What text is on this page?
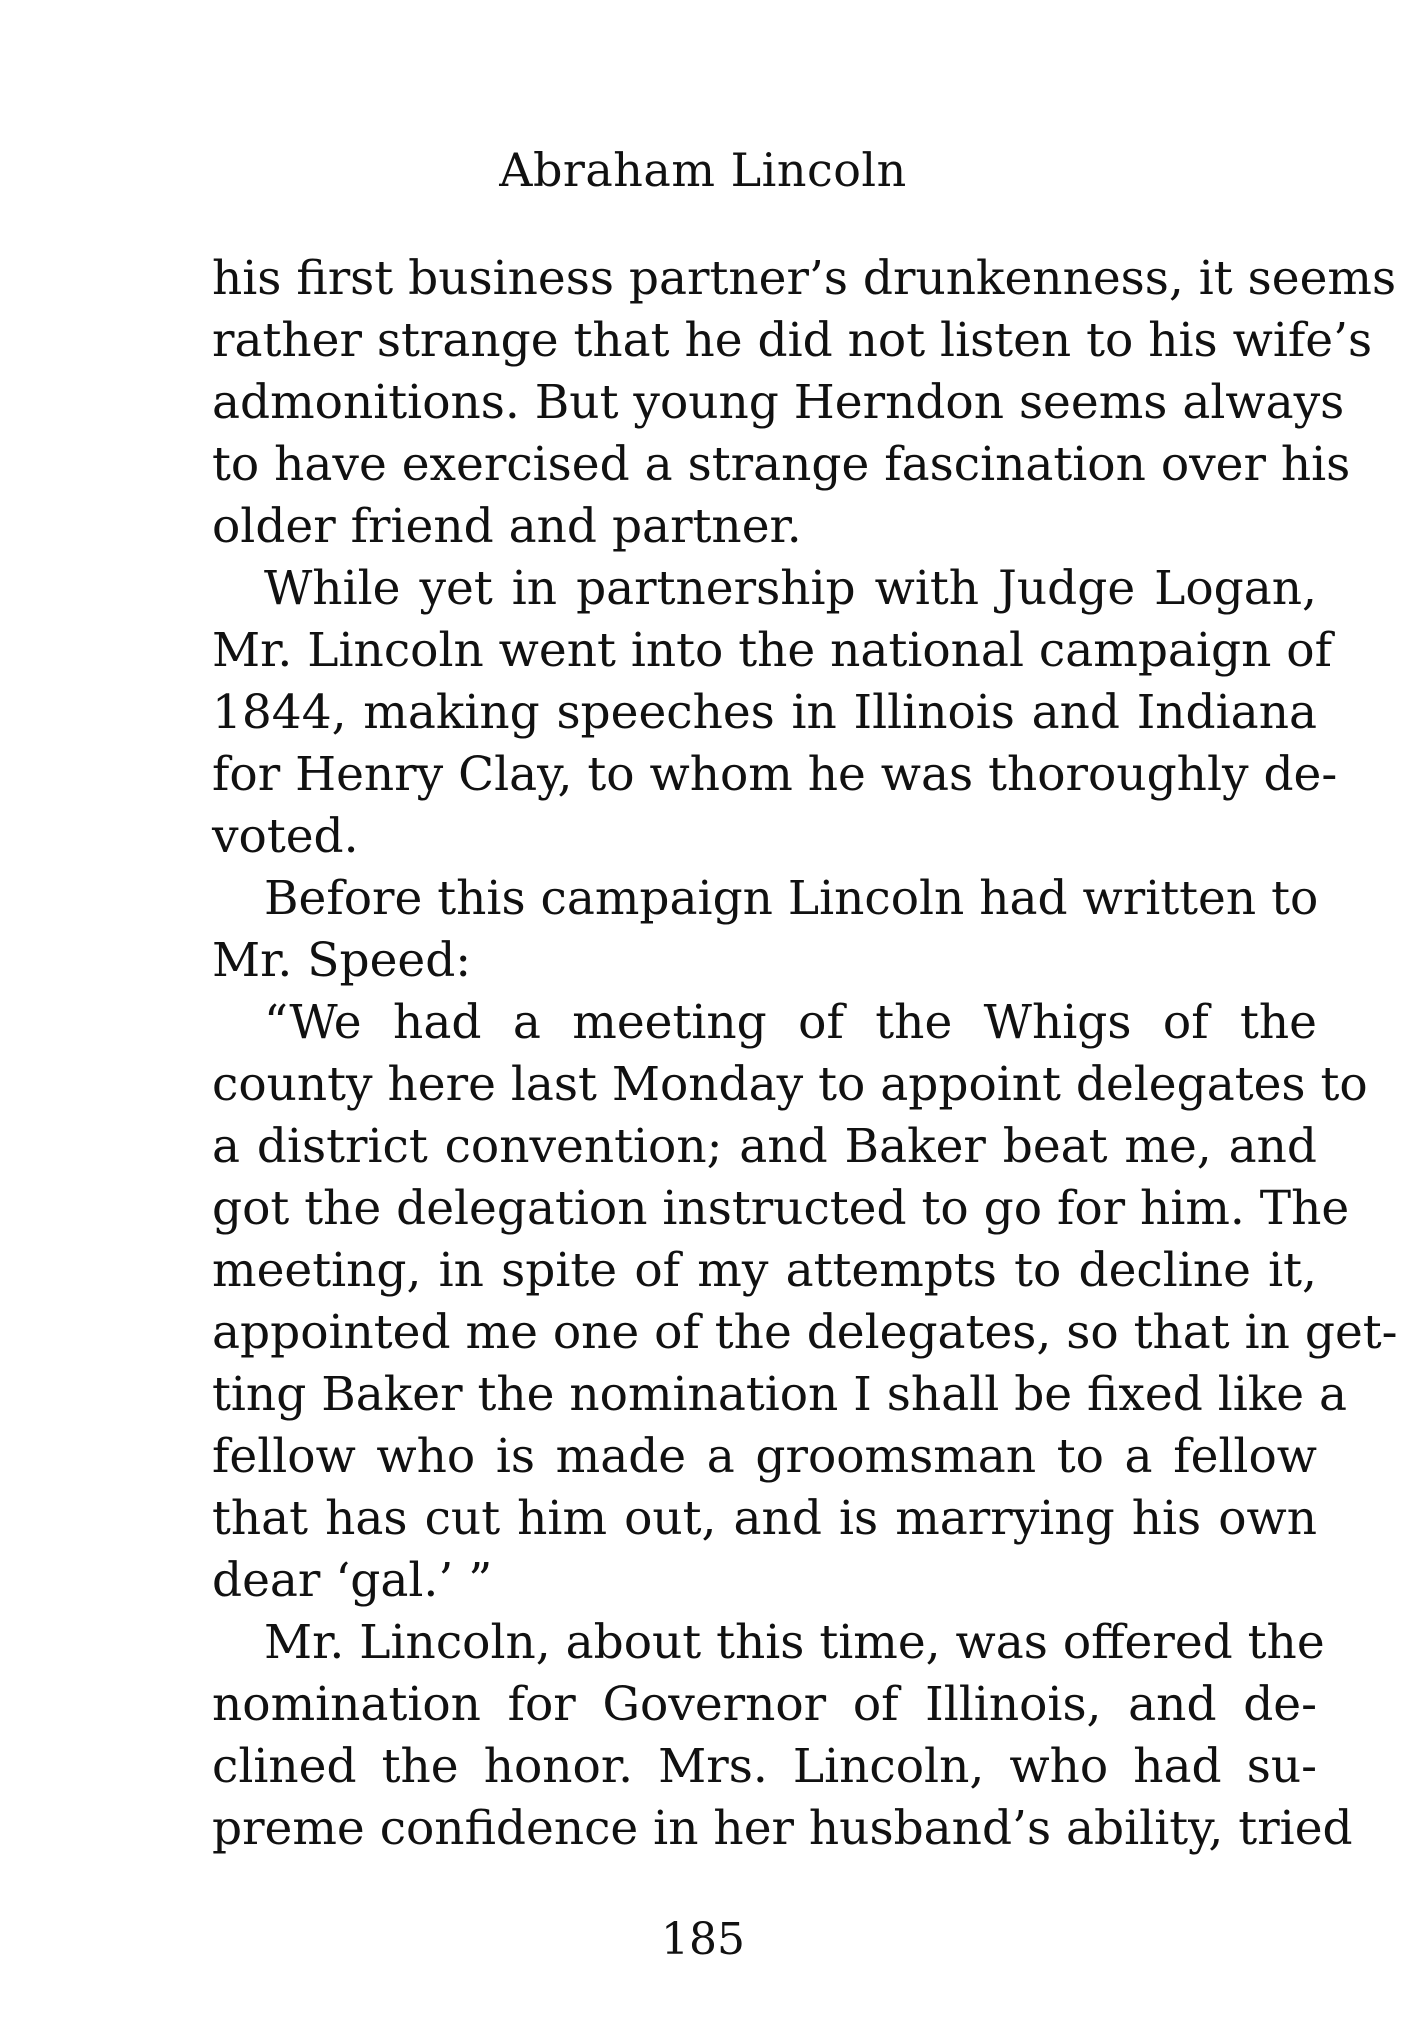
Abraham Lincoln
his first business partner’s drunkenness, it seems
rather strange that he did not listen to his wife’s
admonitions. But young Herndon seems always
to have exercised a strange fascination over his
older friend and partner.
While yet in partnership with Judge Logan,
Mr. Lincoln went into the national campaign of
1844, making speeches in Illinois and Indiana
for Henry Clay, to whom he was thoroughly de-
voted.
Before this campaign Lincoln had written to
Mr. Speed:
“We had a meeting of the Whigs of the
county here last Monday to appoint delegates to
a district convention; and Baker beat me, and
got the delegation instructed to go for him. The
meeting, in spite of my attempts to decline it,
appointed me one of the delegates, so that in get-
ting Baker the nomination I shall be fixed like a
fellow who is made a groomsman to a fellow
that has cut him out, and is marrying his own
dear ‘gal.’ ”
Mr. Lincoln, about this time, was offered the
nomination for Governor of Illinois, and de-
clined the honor. Mrs. Lincoln, who had su-
preme confidence in her husband’s ability, tried
185
